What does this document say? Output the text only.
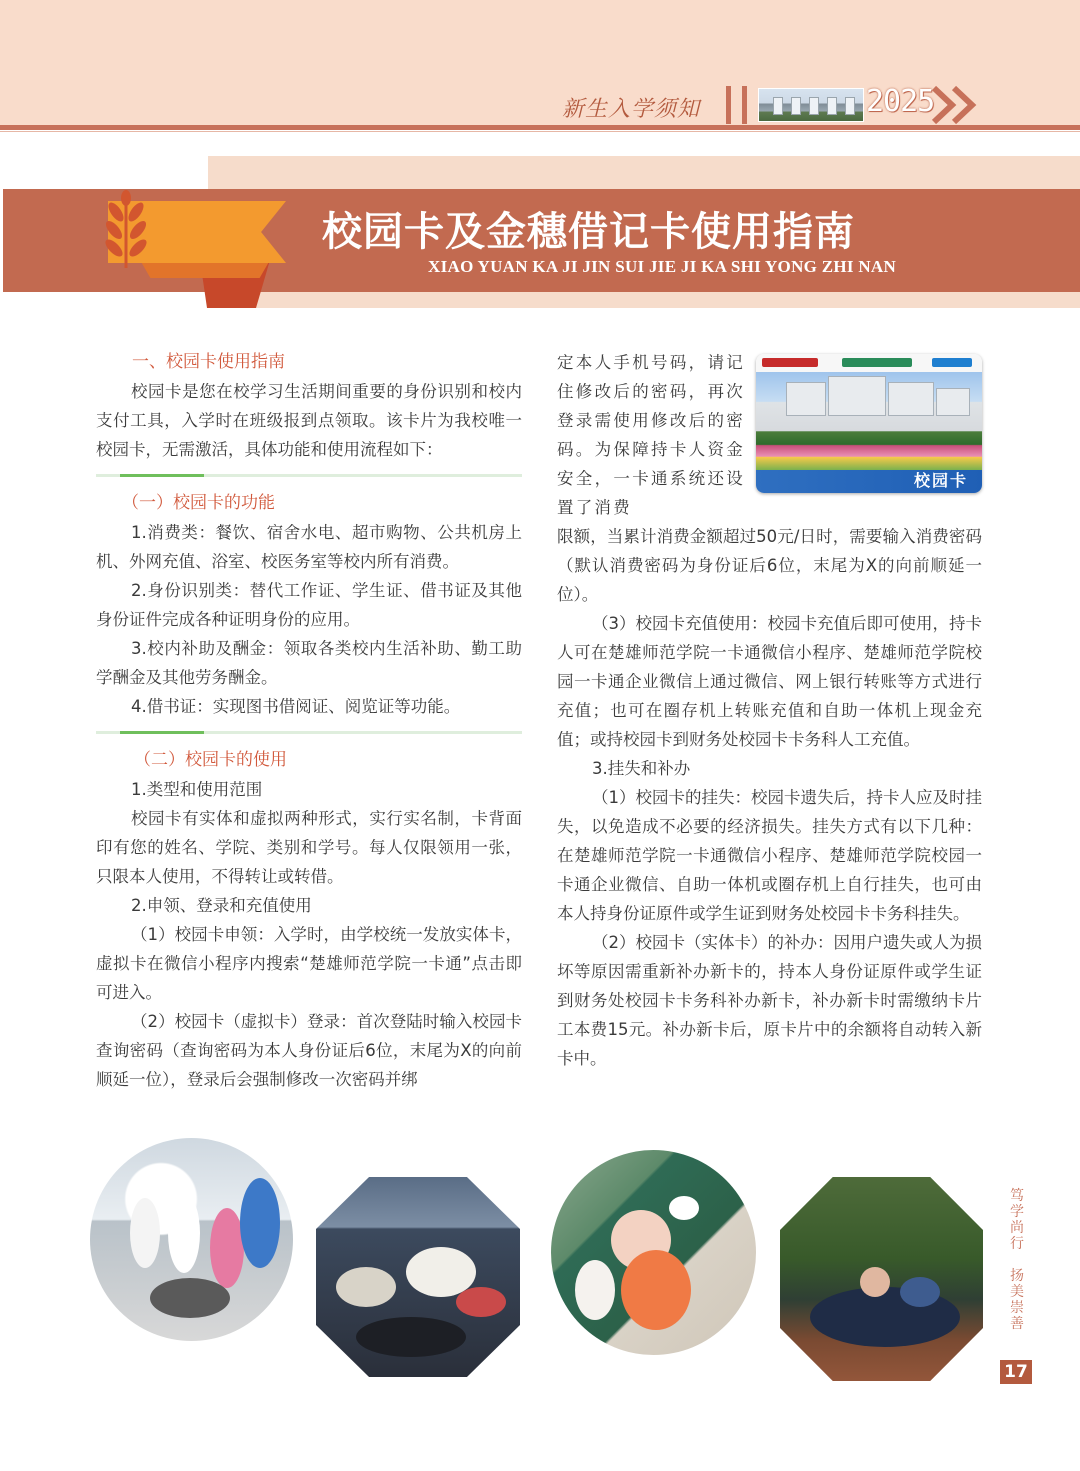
新生入学须知	2025
校园卡及金穗借记卡使用指南
XIAO YUAN KA JI JIN SUI JIE JI KA SHI YONG ZHI NAN

一、校园卡使用指南

校园卡是您在校学习生活期间重要的身份识别和校内支付工具，入学时在班级报到点领取。该卡片为我校唯一校园卡，无需激活，具体功能和使用流程如下：

（一）校园卡的功能

1.消费类：餐饮、宿舍水电、超市购物、公共机房上机、外网充值、浴室、校医务室等校内所有消费。

2.身份识别类：替代工作证、学生证、借书证及其他身份证件完成各种证明身份的应用。

3.校内补助及酬金：领取各类校内生活补助、勤工助学酬金及其他劳务酬金。

4.借书证：实现图书借阅证、阅览证等功能。

（二）校园卡的使用

1.类型和使用范围

校园卡有实体和虚拟两种形式，实行实名制，卡背面印有您的姓名、学院、类别和学号。每人仅限领用一张，只限本人使用，不得转让或转借。

2.申领、登录和充值使用

（1）校园卡申领：入学时，由学校统一发放实体卡，虚拟卡在微信小程序内搜索“楚雄师范学院一卡通”点击即可进入。

（2）校园卡（虚拟卡）登录：首次登陆时输入校园卡查询密码（查询密码为本人身份证后6位，末尾为X的向前顺延一位），登录后会强制修改一次密码并绑

定本人手机号码，请记住修改后的密码，再次登录需使用修改后的密码。为保障持卡人资金安全，一卡通系统还设置了消费

限额，当累计消费金额超过50元/日时，需要输入消费密码（默认消费密码为身份证后6位，末尾为X的向前顺延一位）。

（3）校园卡充值使用：校园卡充值后即可使用，持卡人可在楚雄师范学院一卡通微信小程序、楚雄师范学院校园一卡通企业微信上通过微信、网上银行转账等方式进行充值；也可在圈存机上转账充值和自助一体机上现金充值；或持校园卡到财务处校园卡卡务科人工充值。

3.挂失和补办

（1）校园卡的挂失：校园卡遗失后，持卡人应及时挂失，以免造成不必要的经济损失。挂失方式有以下几种：在楚雄师范学院一卡通微信小程序、楚雄师范学院校园一卡通企业微信、自助一体机或圈存机上自行挂失，也可由本人持身份证原件或学生证到财务处校园卡卡务科挂失。

（2）校园卡（实体卡）的补办：因用户遗失或人为损坏等原因需重新补办新卡的，持本人身份证原件或学生证到财务处校园卡卡务科补办新卡，补办新卡时需缴纳卡片工本费15元。补办新卡后，原卡片中的余额将自动转入新卡中。

校园卡
笃
学
尚
行
扬
美
崇
善
17
